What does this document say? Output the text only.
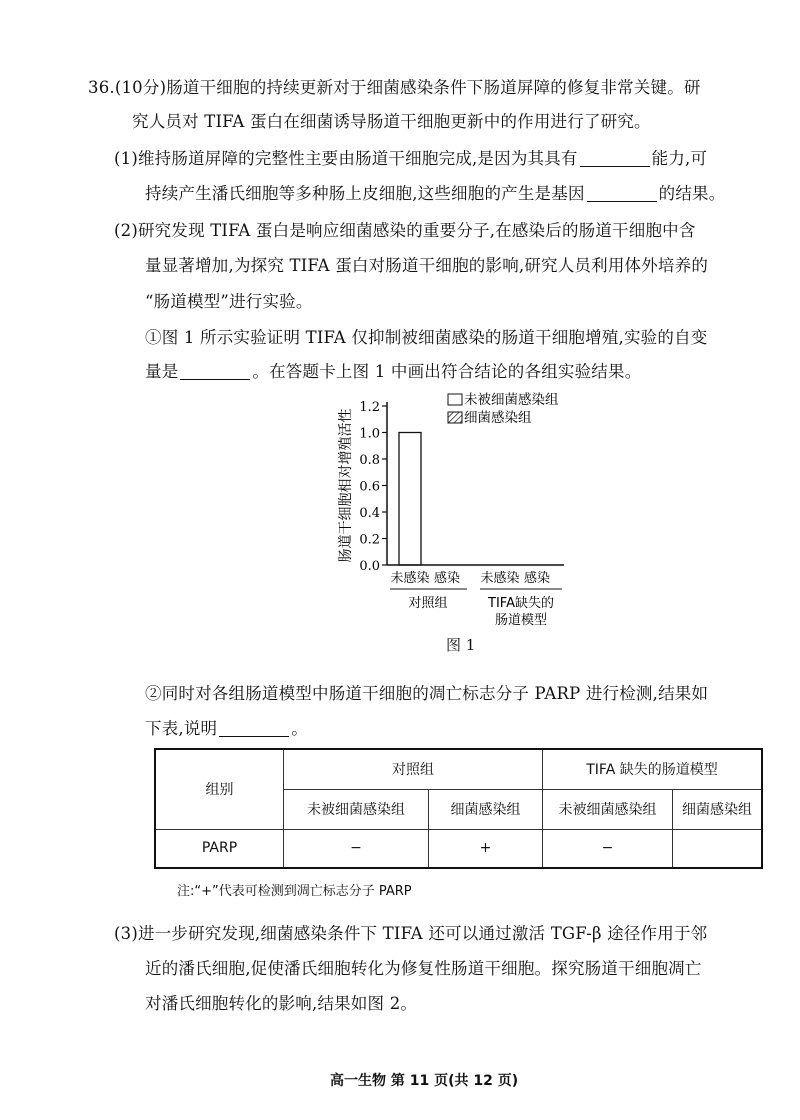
36.(10分)肠道干细胞的持续更新对于细菌感染条件下肠道屏障的修复非常关键。研
究人员对 TIFA 蛋白在细菌诱导肠道干细胞更新中的作用进行了研究。
(1)维持肠道屏障的完整性主要由肠道干细胞完成,是因为其具有	能力,可
持续产生潘氏细胞等多种肠上皮细胞,这些细胞的产生是基因	的结果。
(2)研究发现 TIFA 蛋白是响应细菌感染的重要分子,在感染后的肠道干细胞中含
量显著增加,为探究 TIFA 蛋白对肠道干细胞的影响,研究人员利用体外培养的
“肠道模型”进行实验。
①图 1 所示实验证明 TIFA 仅抑制被细菌感染的肠道干细胞增殖,实验的自变
量是	。在答题卡上图 1 中画出符合结论的各组实验结果。
肠道干细胞相对增殖活性
0.0
0.2
0.4
0.6
0.8
1.0
1.2	未被细菌感染组
细菌感染组
未感染 感染 未感染 感染
对照组	TIFA缺失的
肠道模型
图 1
②同时对各组肠道模型中肠道干细胞的凋亡标志分子 PARP 进行检测,结果如
下表,说明	。
组别	对照组		TIFA 缺失的肠道模型	
	未被细菌感染组	细菌感染组	未被细菌感染组	细菌感染组
PARP	−	+	−	
注:“+”代表可检测到凋亡标志分子 PARP
(3)进一步研究发现,细菌感染条件下 TIFA 还可以通过激活 TGF-β 途径作用于邻
近的潘氏细胞,促使潘氏细胞转化为修复性肠道干细胞。探究肠道干细胞凋亡
对潘氏细胞转化的影响,结果如图 2。
高一生物 第 11 页(共 12 页)
